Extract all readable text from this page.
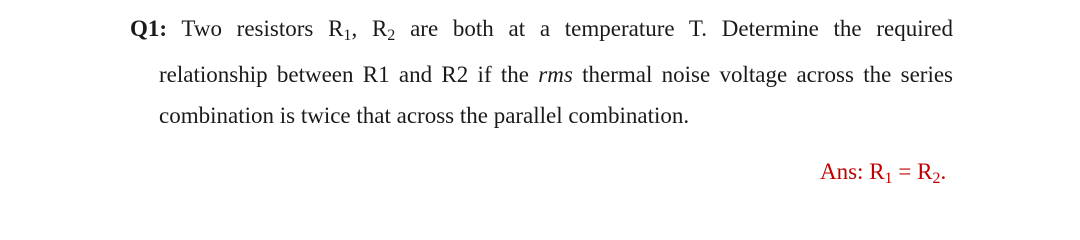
Q1: Two resistors $R_1$, $R_2$ are both at a temperature T. Determine the required
relationship between R1 and R2 if the rms thermal noise voltage across the series
combination is twice that across the parallel combination.
Ans: $R_1 = R_2$.
